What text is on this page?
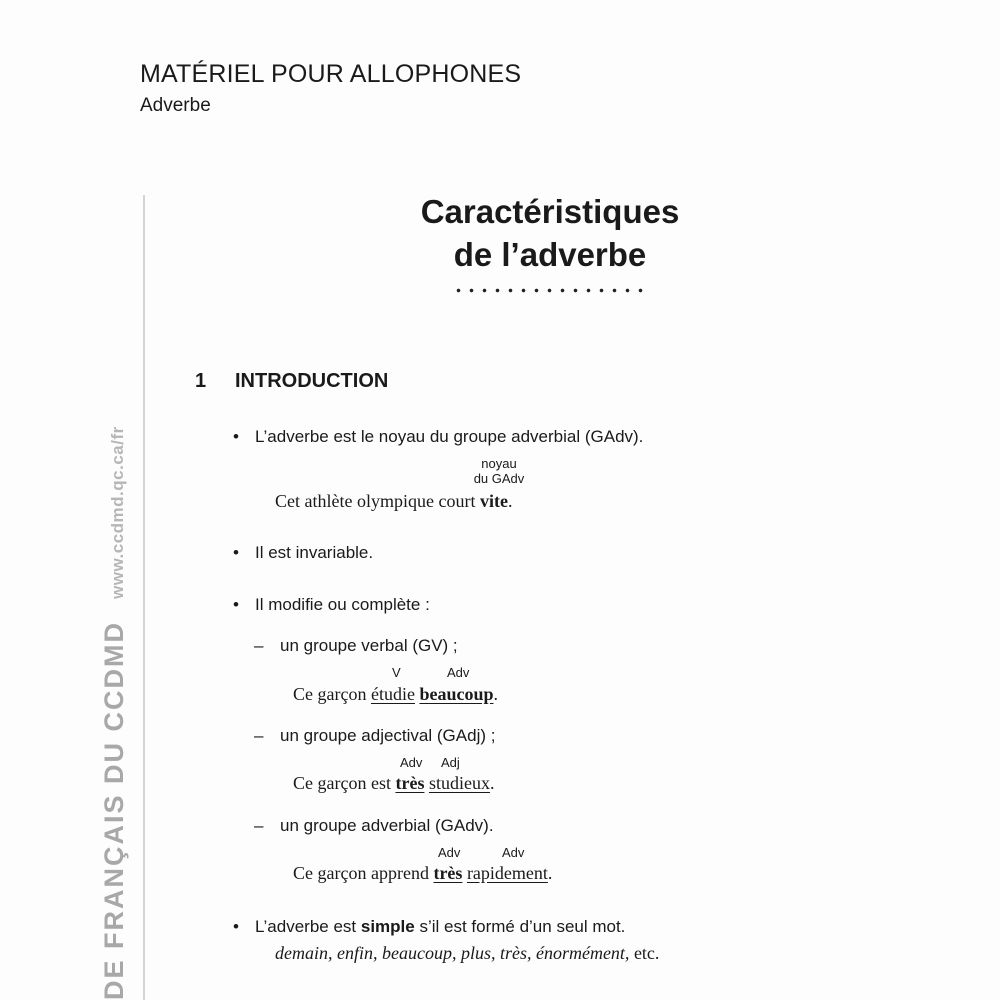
MATÉRIEL POUR ALLOPHONES
Adverbe
DE FRANÇAIS DU CCDMDwww.ccdmd.qc.ca/fr
Caractéristiques
de l’adverbe
1 INTRODUCTION
• L’adverbe est le noyau du groupe adverbial (GAdv).
noyau
du GAdv
Cet athlète olympique court vite.
• Il est invariable.
• Il modifie ou complète :
– un groupe verbal (GV) ;
V	Adv
Ce garçon étudie beaucoup.
– un groupe adjectival (GAdj) ;
Adv Adj
Ce garçon est très studieux.
– un groupe adverbial (GAdv).
Adv	Adv
Ce garçon apprend très rapidement.
• L’adverbe est simple s’il est formé d’un seul mot.
demain, enfin, beaucoup, plus, très, énormément, etc.
